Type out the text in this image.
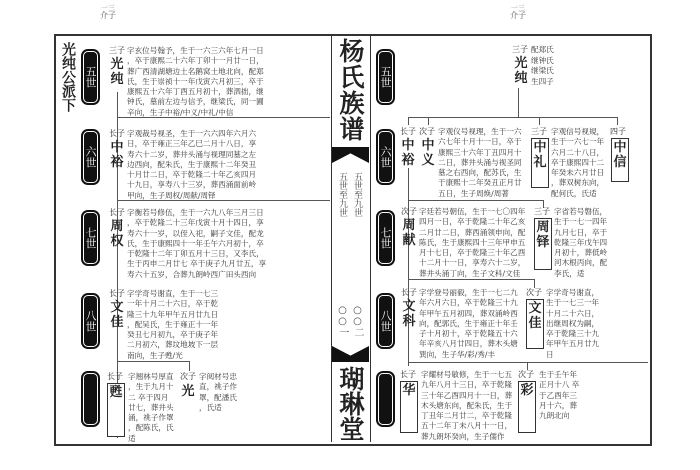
一三
介子
一三
介子
杨氏族谱
五世至九世
五世至九世
○○二
○○一
瑚琳堂
光纯公派下 五世
六世
七世
八世
三子
光纯
字玄位号翰予，生于一六三六年七月一日
，卒于康熙二十六年丁卯十一月廿一日，
葬广西清湖塘边土名鹅窝土地北向，配郑
氏，生于崇祯十一年戊寅六月初三，卒于
康熙五十六年丁酉五月初十，葬泗拙，继
钟氏，墓前左边与信予，继梁氏，同一圃
辛向，生子中裕/中义/中礼/中信
长子
中裕
字观裁号视圣，生于一六六四年六月六
日，卒于雍正三年乙巳二月十八日，享
寿六十二岁，葬井头涌与视理同墓之左
边西向，配朱氏，生于康熙十二年癸丑
十月廿二日，卒于乾隆二十年乙亥四月
十九日，享寿八十三岁，葬西涌面前岭
甲向，生子周权/周献/周铎
长子
周权
字衡若号修伍，生于一六九八年三月三日
，卒于乾隆二十三年戊寅十月十四日，享
寿六十一岁，以侄入祀，嗣子文佳，配龙
氏，生于康熙四十一年壬午六月初十，卒
于乾隆十二年丁卯五月十三日，又李氏，
生于丙申二月廿七 卒于庚子九月廿五，享
寿六十五岁，合葬九朗岭西广田头西向
长子
文佳
字学奇号谢直，生于一七三
一年十月二十六日，卒于乾
隆三十九年甲午五月廿九日
，配吴氏，生于雍正十一年
癸丑七月初九，卒于庚子年
二月初六，葬坟地坡下一层
南向，生子甦/光
长子
甦
字翘林号厚直
，生于九月十
二 卒于四月
廿七，葬井头
涌，祧子作罩
，配陈氏，氏
适
次子
光
字阅材号忠
直，祧子作
罩，配潘氏
，氏适
五世
六世
七世
八世
三子
光纯
配郑氏
继钟氏
继梁氏
生四子
长子
中裕
次子
中义
字观仪号视理，生于一六
六七年十月十一日，卒于
康熙三十六年丁丑四月十
二日，葬井头涌与视圣同
墓之右西向，配苏氏，生
于康熙十二年癸丑正月廿
五日，生子周焕/周著
三子
中礼
字观信号视規，
生于一六七一年
六月二十八日，
卒于康熙四十二
年癸未六月廿日
，葬双树东向，
配何氏，氏适
四子
中信
次子
周献
字廷若号朝伍，生于一七〇四年
四月一日，卒于乾隆二十年乙亥
二月廿二日，葬西涌领申向，配
陈氏，生于康熙四十三年甲申五
月十七日，卒于乾隆三十年乙酉
十二月十一日，享寿六十二岁，
葬井头涌丁向，生子文科/文佳
三子
周铎
字省若号磐伍，
生于一七一四年
九月七日，卒于
乾隆三年戊午四
月初十，葬低岭
河木根丙向，配
李氏，适
长子
文科
字学登号丽毅，生于一七二九
年六月六日，卒于乾隆三十九
年甲午五月初四，葬双涌岭西
向，配郭氏，生于雍正十年壬
子十月初十，卒于乾隆五十六
年辛亥八月廿四日，葬木头塘
巽向，生子华/彩/秀/丰
次子
文佳
字学奇号谢直，
生于一七三一年
十月二十六日，
出继周权为嗣，
卒于乾隆三十九
年甲午五月廿九
日
长子
华
字耀材号敏修，生于一七五
九年八月十三日，卒于乾隆
三十年乙酉四月十一日，葬
木头塘东向，配朱氏，生于
丁丑年二月廿二，卒于乾隆
五十二年丁未八月十一日，
葬九朗坏癸向，生子儒作
次子
彩
生于壬午年
正月十八 卒
于乙酉年三
月十六，葬
九朗北向
